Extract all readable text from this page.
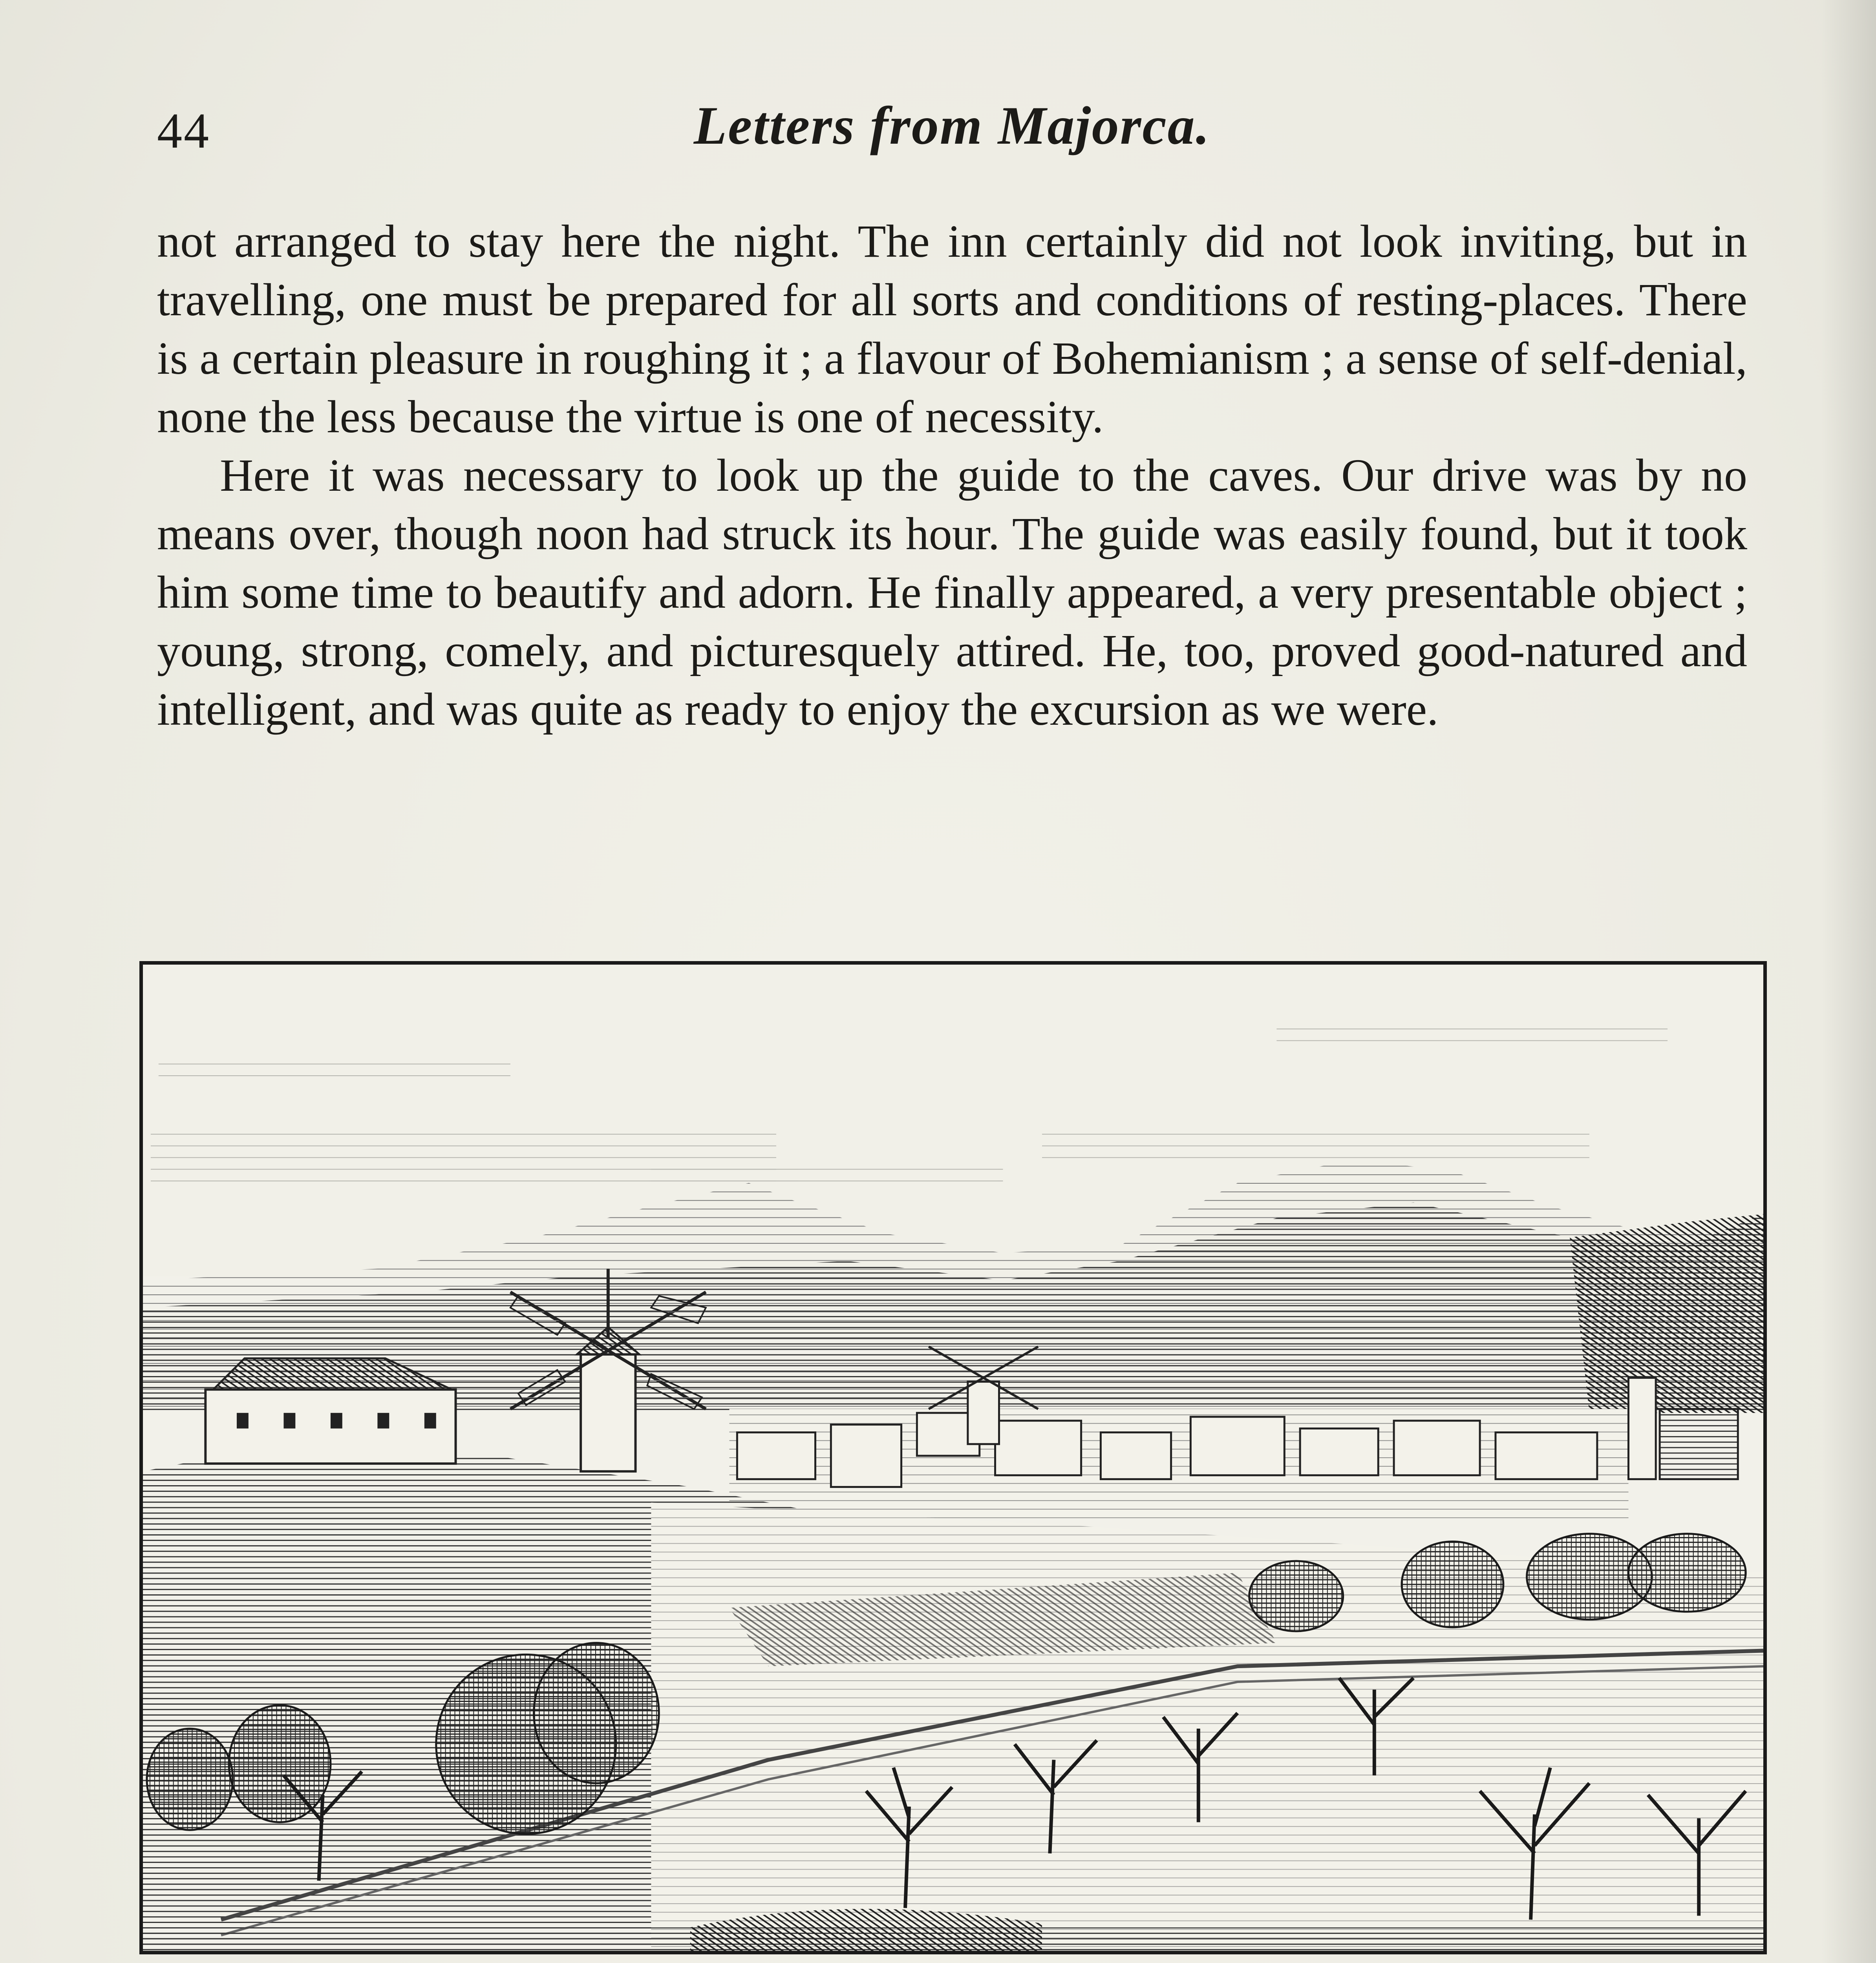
44	Letters from Majorca.

not arranged to stay here the night. The inn certainly did not look inviting, but in travelling, one must be prepared for all sorts and conditions of resting-places. There is a certain pleasure in roughing it ; a flavour of Bohemianism ; a sense of self-denial, none the less because the virtue is one of necessity.

Here it was necessary to look up the guide to the caves. Our drive was by no means over, though noon had struck its hour. The guide was easily found, but it took him some time to beautify and adorn. He finally appeared, a very presentable object ; young, strong, comely, and picturesquely attired. He, too, proved good-natured and intelligent, and was quite as ready to enjoy the excursion as we were.
